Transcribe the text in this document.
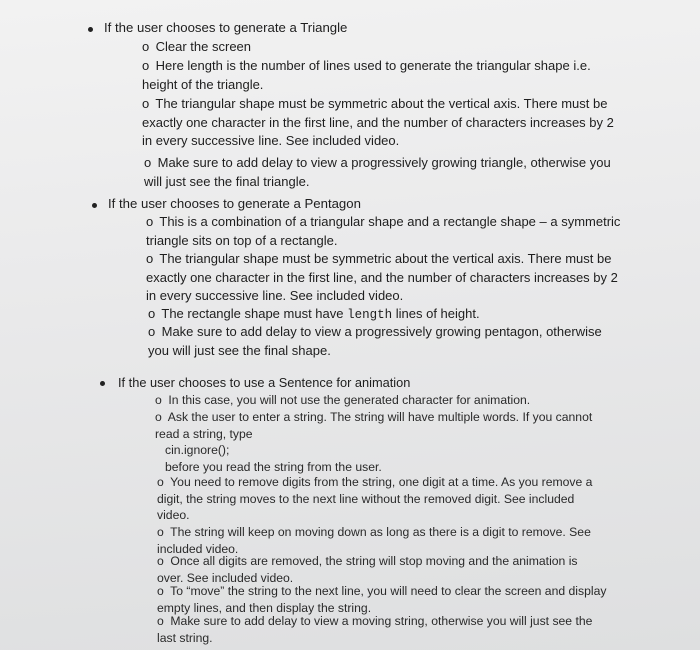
If the user chooses to generate a Triangle
o Clear the screen
o Here length is the number of lines used to generate the triangular shape i.e. height of the triangle.
o The triangular shape must be symmetric about the vertical axis. There must be exactly one character in the first line, and the number of characters increases by 2 in every successive line. See included video.
o Make sure to add delay to view a progressively growing triangle, otherwise you will just see the final triangle.
If the user chooses to generate a Pentagon
o This is a combination of a triangular shape and a rectangle shape – a symmetric triangle sits on top of a rectangle.
o The triangular shape must be symmetric about the vertical axis. There must be exactly one character in the first line, and the number of characters increases by 2 in every successive line. See included video.
o The rectangle shape must have length lines of height.
o Make sure to add delay to view a progressively growing pentagon, otherwise you will just see the final shape.
If the user chooses to use a Sentence for animation
o In this case, you will not use the generated character for animation.
o Ask the user to enter a string. The string will have multiple words. If you cannot read a string, type
cin.ignore();
before you read the string from the user.
o You need to remove digits from the string, one digit at a time. As you remove a digit, the string moves to the next line without the removed digit. See included video.
o The string will keep on moving down as long as there is a digit to remove. See included video.
o Once all digits are removed, the string will stop moving and the animation is over. See included video.
o To “move” the string to the next line, you will need to clear the screen and display empty lines, and then display the string.
o Make sure to add delay to view a moving string, otherwise you will just see the last string.
